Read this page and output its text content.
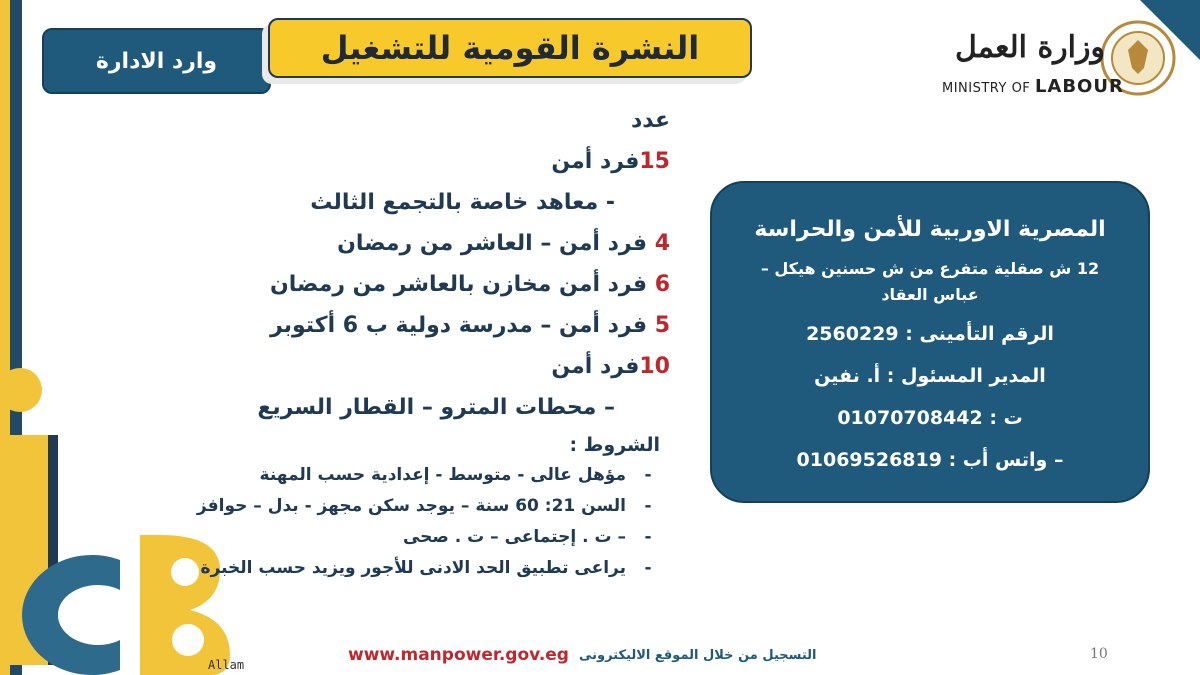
وارد الادارة	النشرة القومية للتشغيل	وزارة العمل
MINISTRY OF LABOUR
عدد
15فرد أمن
- معاهد خاصة بالتجمع الثالث
4 فرد أمن – العاشر من رمضان
6 فرد أمن مخازن بالعاشر من رمضان
5 فرد أمن – مدرسة دولية ب 6 أكتوبر
10فرد أمن
– محطات المترو – القطار السريع
الشروط :
-مؤهل عالى - متوسط - إعدادية حسب المهنة
-السن 21: 60 سنة – يوجد سكن مجهز - بدل – حوافز
-– ت . إجتماعى – ت . صحى
-يراعى تطبيق الحد الادنى للأجور ويزيد حسب الخبرة
المصرية الاوربية للأمن والحراسة
12 ش صقلية متفرع من ش حسنين هيكل – عباس العقاد
الرقم التأمينى : 2560229
المدير المسئول : أ. نفين
ت : 01070708442
– واتس أب : 01069526819
www.manpower.gov.eg التسجيل من خلال الموقع الاليكترونى	10
Allam
